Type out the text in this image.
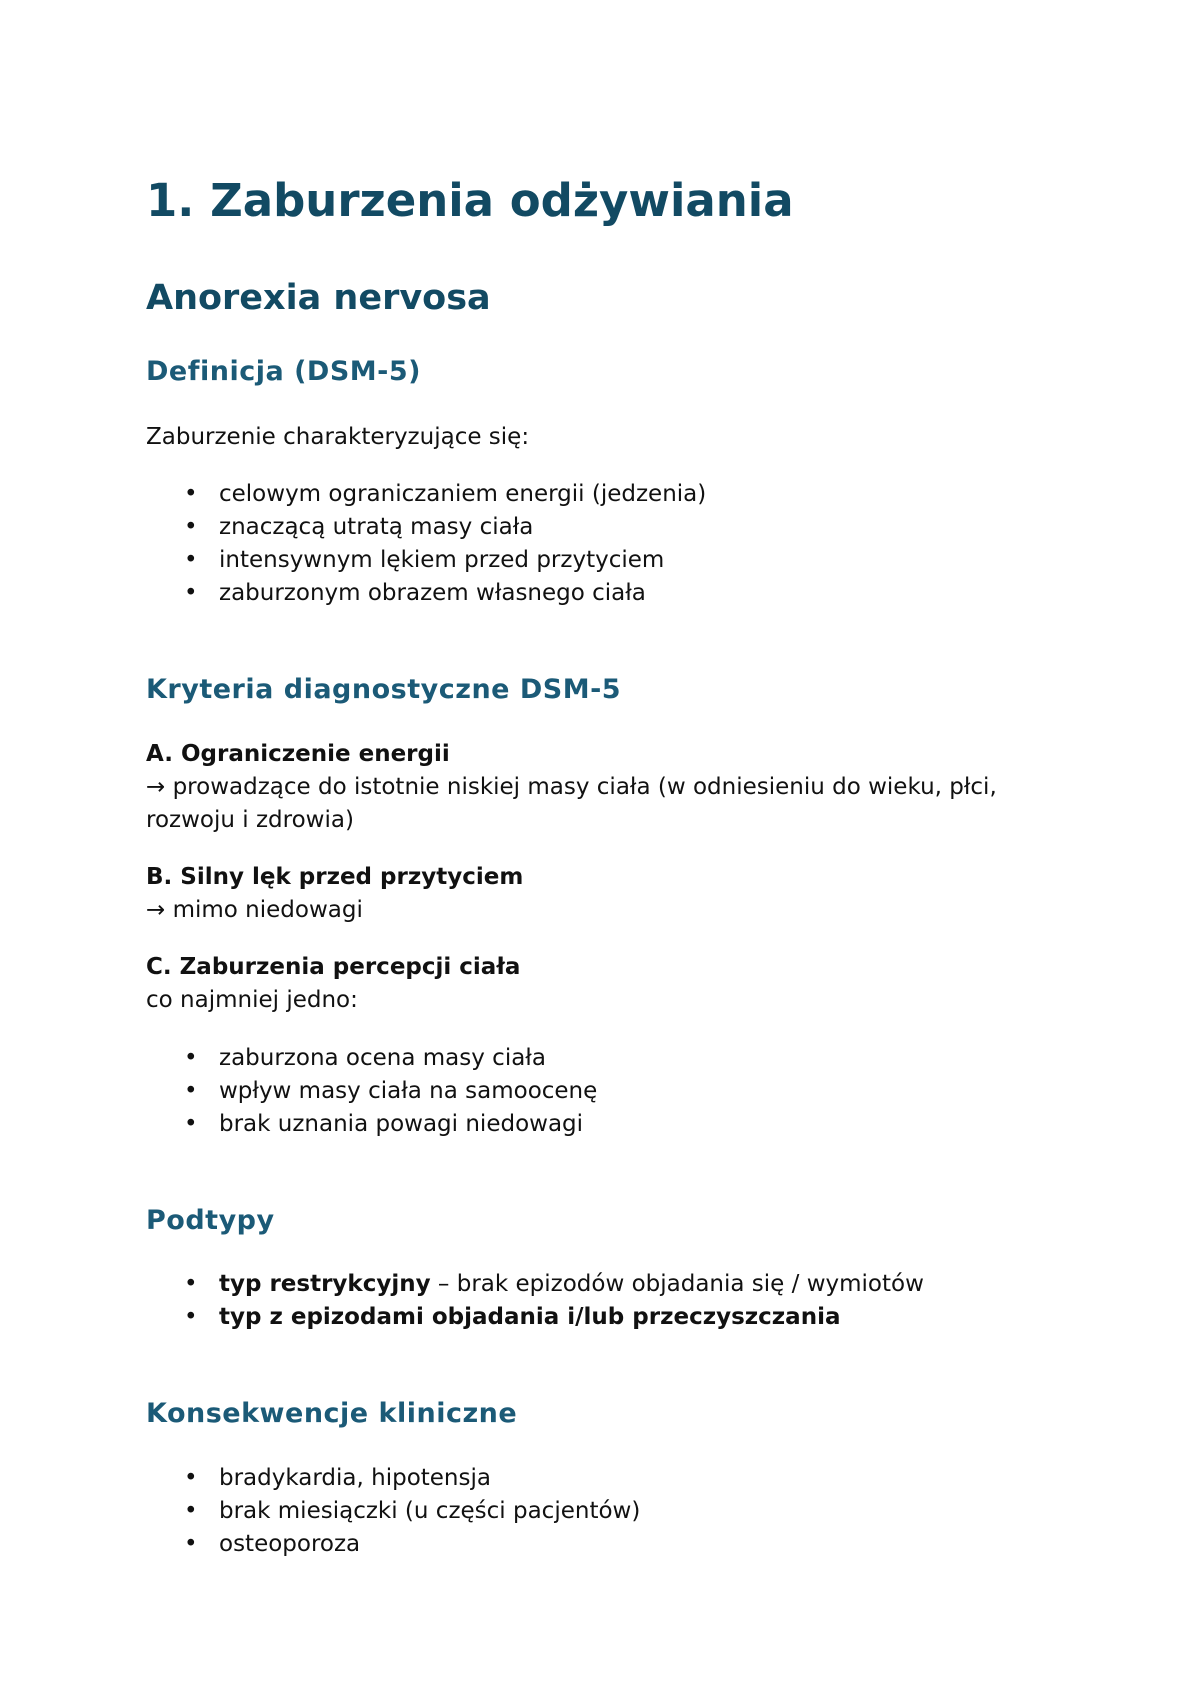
1. Zaburzenia odżywiania
Anorexia nervosa
Definicja (DSM-5)

Zaburzenie charakteryzujące się:

• celowym ograniczaniem energii (jedzenia)
• znaczącą utratą masy ciała
• intensywnym lękiem przed przytyciem
• zaburzonym obrazem własnego ciała
Kryteria diagnostyczne DSM-5
A. Ograniczenie energii
→ prowadzące do istotnie niskiej masy ciała (w odniesieniu do wieku, płci, rozwoju i zdrowia)
B. Silny lęk przed przytyciem
→ mimo niedowagi
C. Zaburzenia percepcji ciała
co najmniej jedno:
• zaburzona ocena masy ciała
• wpływ masy ciała na samoocenę
• brak uznania powagi niedowagi
Podtypy
• typ restrykcyjny – brak epizodów objadania się / wymiotów
• typ z epizodami objadania i/lub przeczyszczania
Konsekwencje kliniczne
• bradykardia, hipotensja
• brak miesiączki (u części pacjentów)
• osteoporoza
